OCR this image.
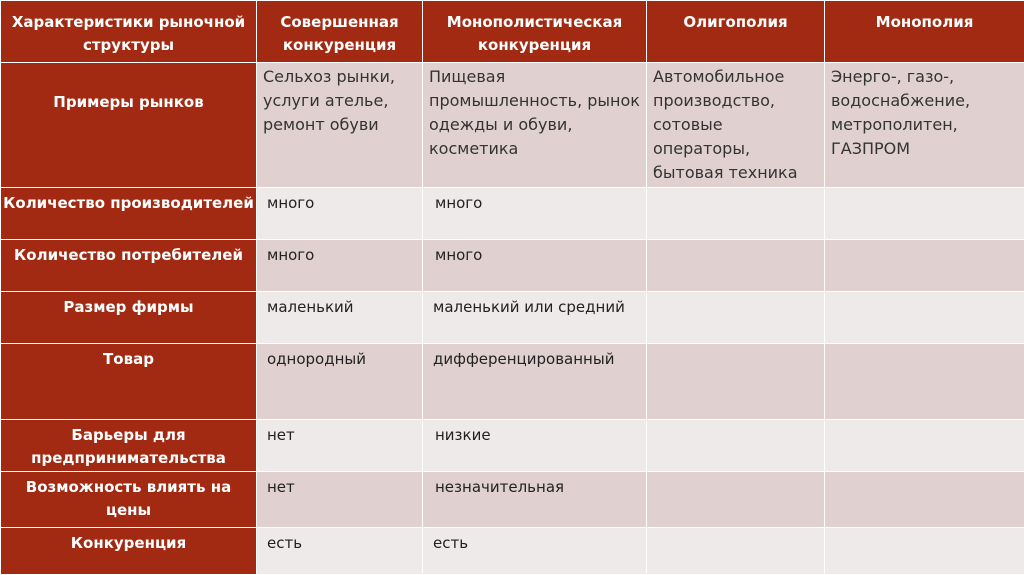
Характеристики рыночной структуры	Совершенная конкуренция	Монополистическая конкуренция	Олигополия	Монополия
Примеры рынков	Сельхоз рынки, услуги ателье, ремонт обуви	Пищевая промышленность, рынок одежды и обуви, косметика	Автомобильное производство, сотовые операторы, бытовая техника	Энерго-, газо-, водоснабжение, метрополитен, ГАЗПРОМ
Количество производителей	много	много		
Количество потребителей	много	много		
Размер фирмы	маленький	маленький или средний		
Товар	однородный	дифференцированный		
Барьеры для предпринимательства	нет	низкие		
Возможность влиять на цены	нет	незначительная		
Конкуренция	есть	есть		
